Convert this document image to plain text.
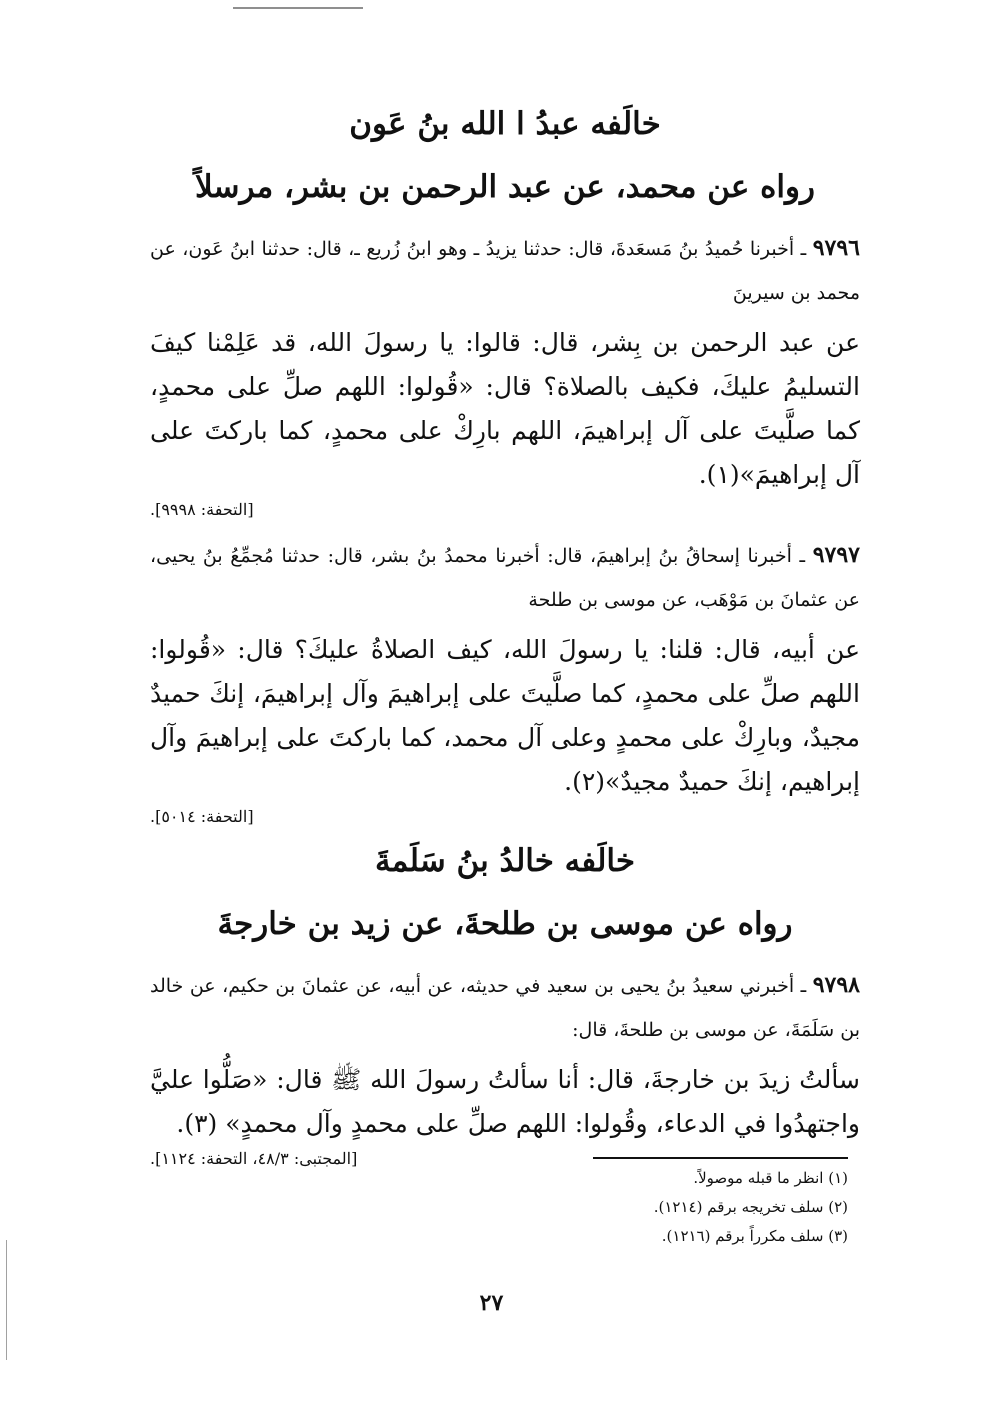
خالَفه عبدُ ا الله بنُ عَون
رواه عن محمد، عن عبد الرحمن بن بشر، مرسلاً

٩٧٩٦ ـ أخبرنا حُميدُ بنُ مَسعَدةَ، قال: حدثنا يزيدُ ـ وهو ابنُ زُريع ـ، قال: حدثنا ابنُ عَون، عن محمد بن سيرينَ

عن عبد الرحمن بن بِشر، قال: قالوا: يا رسولَ الله، قد عَلِمْنا كيفَ التسليمُ عليكَ، فكيف بالصلاة؟ قال: «قُولوا: اللهم صلِّ على محمدٍ، كما صلَّيتَ على آل إبراهيمَ، اللهم بارِكْ على محمدٍ، كما باركتَ على آل إبراهيمَ»(١).

[التحفة: ٩٩٩٨].

٩٧٩٧ ـ أخبرنا إسحاقُ بنُ إبراهيمَ، قال: أخبرنا محمدُ بنُ بشر، قال: حدثنا مُجمِّعُ بنُ يحيى، عن عثمانَ بن مَوْهَب، عن موسى بن طلحة

عن أبيه، قال: قلنا: يا رسولَ الله، كيف الصلاةُ عليكَ؟ قال: «قُولوا: اللهم صلِّ على محمدٍ، كما صلَّيتَ على إبراهيمَ وآل إبراهيمَ، إنكَ حميدٌ مجيدٌ، وبارِكْ على محمدٍ وعلى آل محمد، كما باركتَ على إبراهيمَ وآل إبراهيم، إنكَ حميدٌ مجيدٌ»(٢).

[التحفة: ٥٠١٤].

خالَفه خالدُ بنُ سَلَمةَ
رواه عن موسى بن طلحةَ، عن زيد بن خارجةَ

٩٧٩٨ ـ أخبرني سعيدُ بنُ يحيى بن سعيد في حديثه، عن أبيه، عن عثمانَ بن حكيم، عن خالد بن سَلَمَةَ، عن موسى بن طلحةَ، قال:

سألتُ زيدَ بن خارجةَ، قال: أنا سألتُ رسولَ الله ﷺ قال: «صَلُّوا عليَّ واجتهدُوا في الدعاء، وقُولوا: اللهم صلِّ على محمدٍ وآل محمدٍ» (٣).

[المجتبى: ٤٨/٣، التحفة: ١١٢٤].

(١) انظر ما قبله موصولاً.
(٢) سلف تخريجه برقم (١٢١٤).
(٣) سلف مكرراً برقم (١٢١٦).
٢٧
